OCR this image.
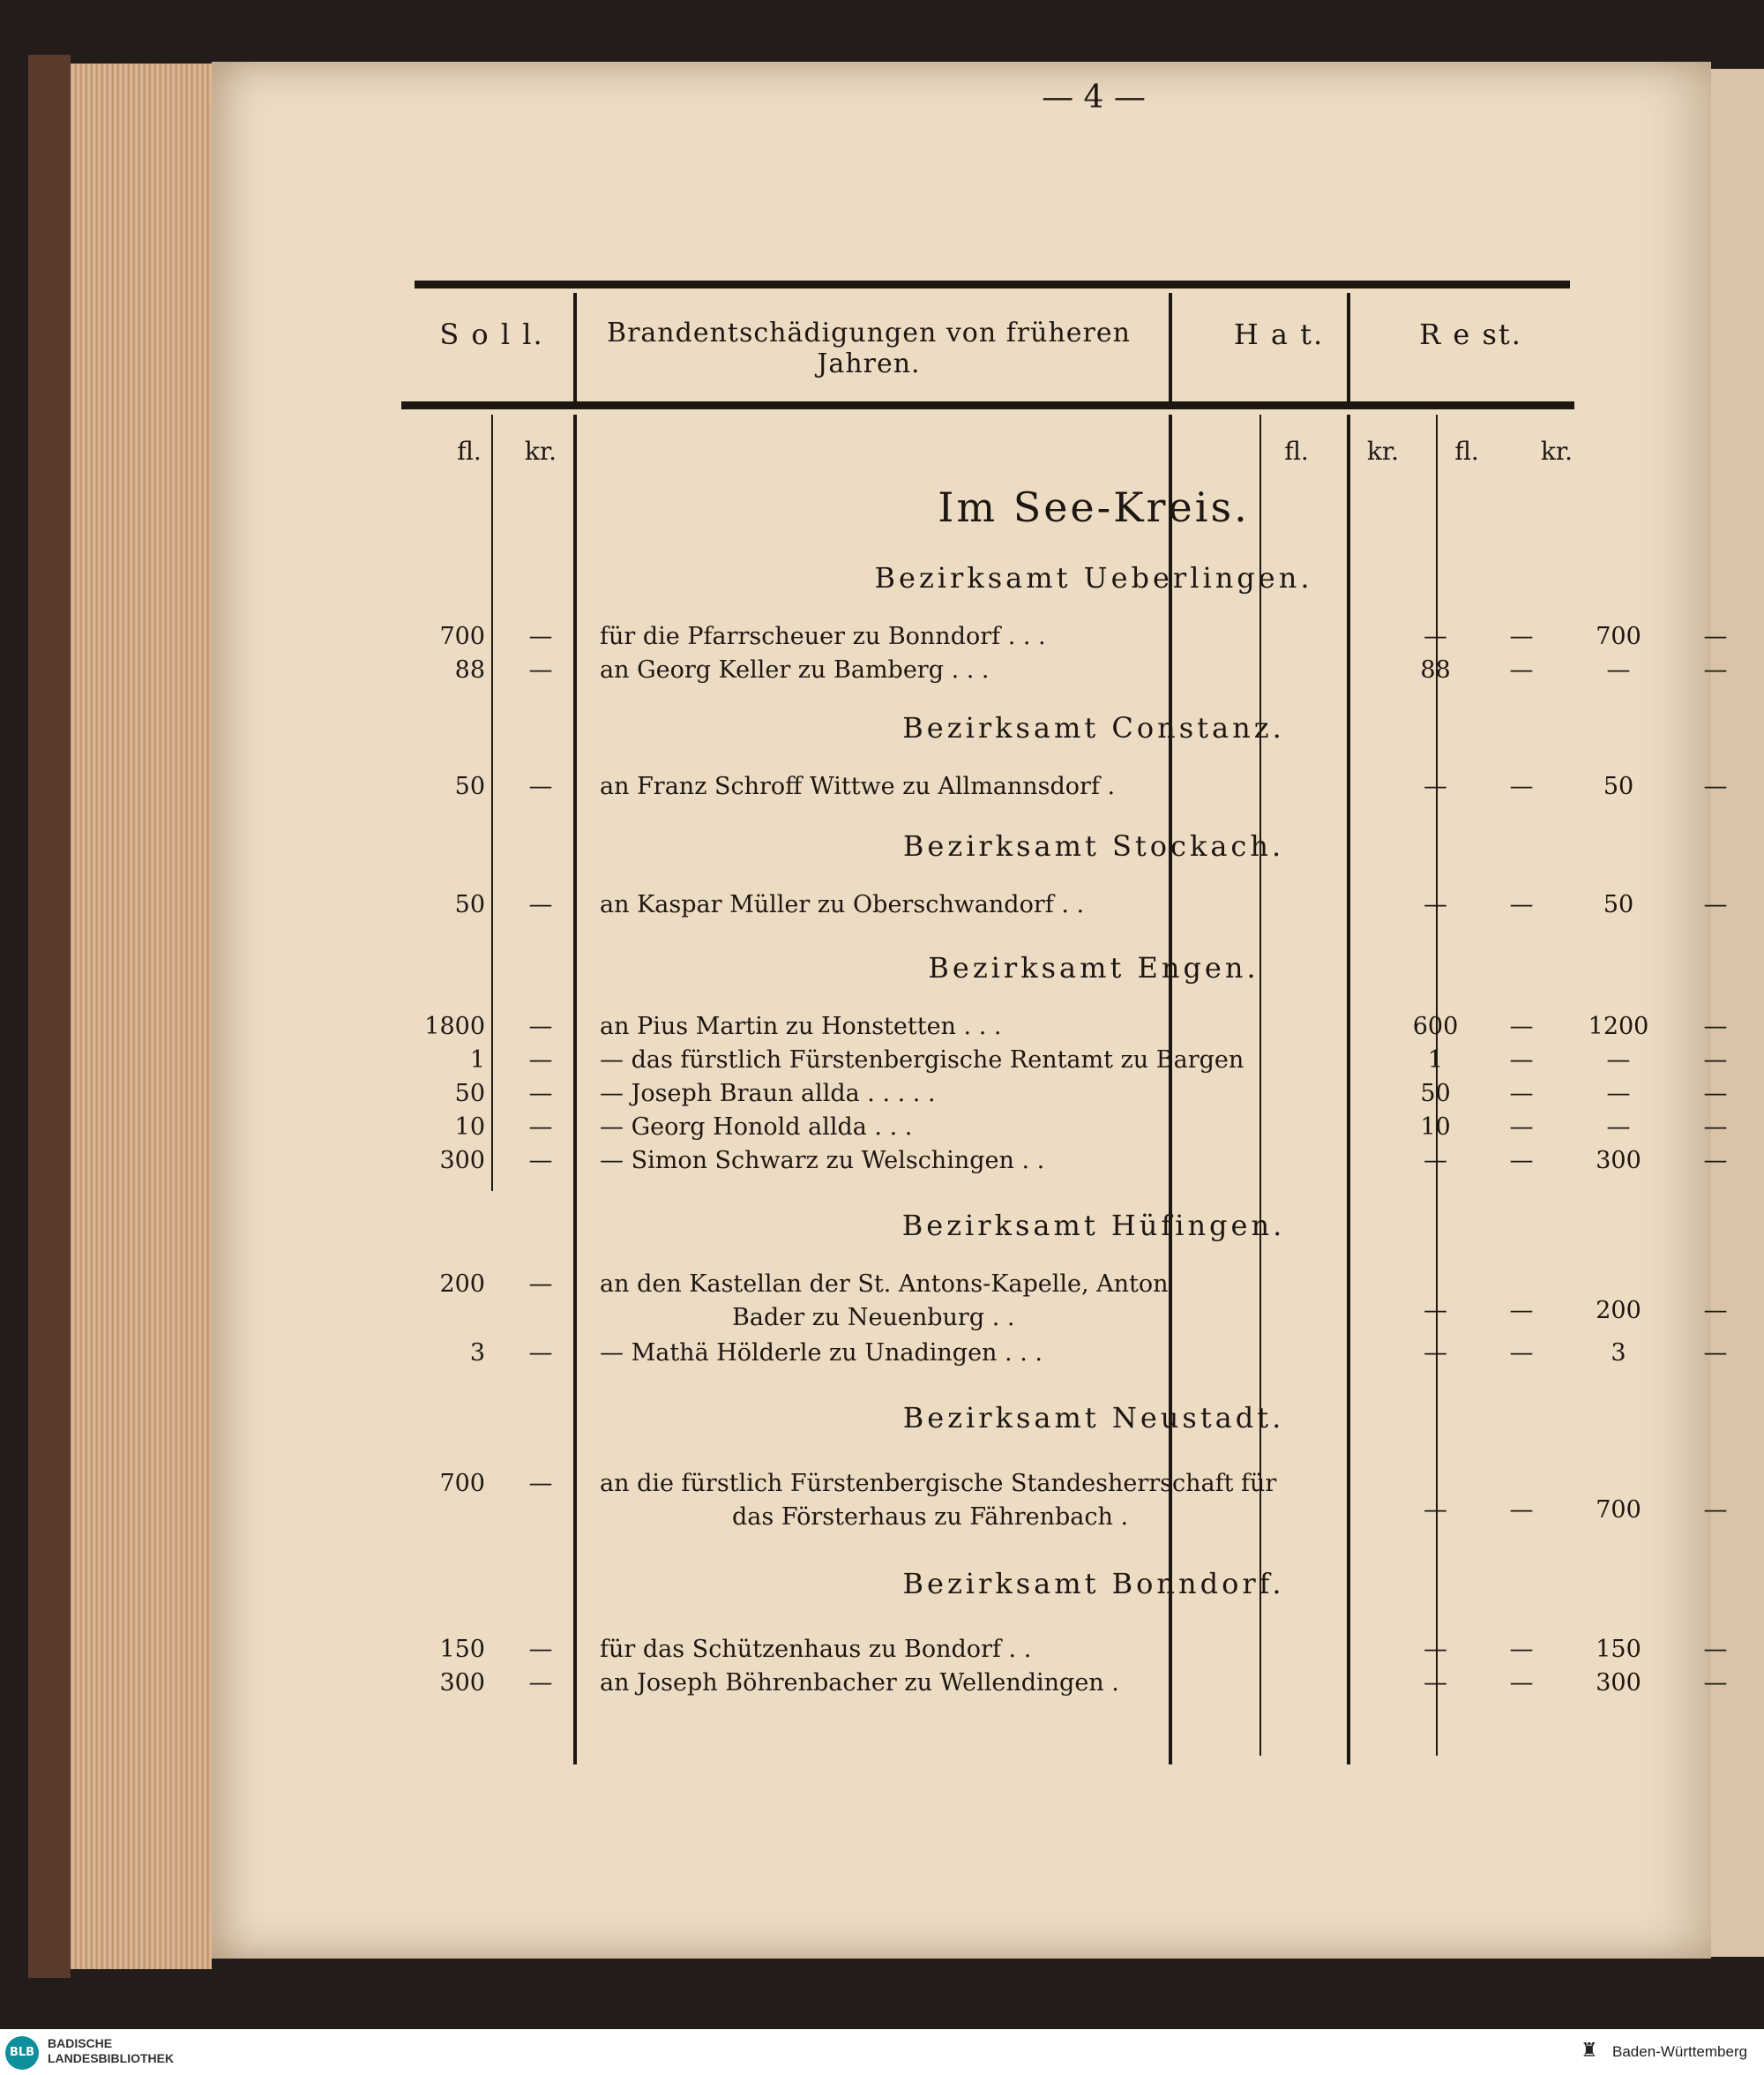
— 4 —
S o l l.	Brandentschädigungen von früheren Jahren.
H a t.	R e st.
fl.	kr.	fl.	kr.	fl.	kr.
Im See-Kreis.
Bezirksamt Ueberlingen.
700	—	für die Pfarrscheuer zu Bonndorf . . .	—	—	700	—
88	—	an Georg Keller zu Bamberg . . .	88	—	—	—
Bezirksamt Constanz.
50	—	an Franz Schroff Wittwe zu Allmannsdorf .	—	—	50	—
Bezirksamt Stockach.
50	—	an Kaspar Müller zu Oberschwandorf . .	—	—	50	—
Bezirksamt Engen.
1800	—	an Pius Martin zu Honstetten . . .	600	—	1200	—
1	—	— das fürstlich Fürstenbergische Rentamt zu Bargen	1	—	—	—
50	—	— Joseph Braun allda . . . . .	50	—	—	—
10	—	— Georg Honold allda . . .	10	—	—	—
300	—	— Simon Schwarz zu Welschingen . .	—	—	300	—
Bezirksamt Hüfingen.
200	—	an den Kastellan der St. Antons-Kapelle, Anton
Bader zu Neuenburg . .	—	—	200	—
3	—	— Mathä Hölderle zu Unadingen . . .	—	—	3	—
Bezirksamt Neustadt.
700	—	an die fürstlich Fürstenbergische Standesherrschaft für
das Försterhaus zu Fährenbach .	—	—	700	—
Bezirksamt Bonndorf.
150	—	für das Schützenhaus zu Bondorf . .	—	—	150	—
300	—	an Joseph Böhrenbacher zu Wellendingen .	—	—	300	—
BLB
BADISCHE
LANDESBIBLIOTHEK	♜ Baden-Württemberg
